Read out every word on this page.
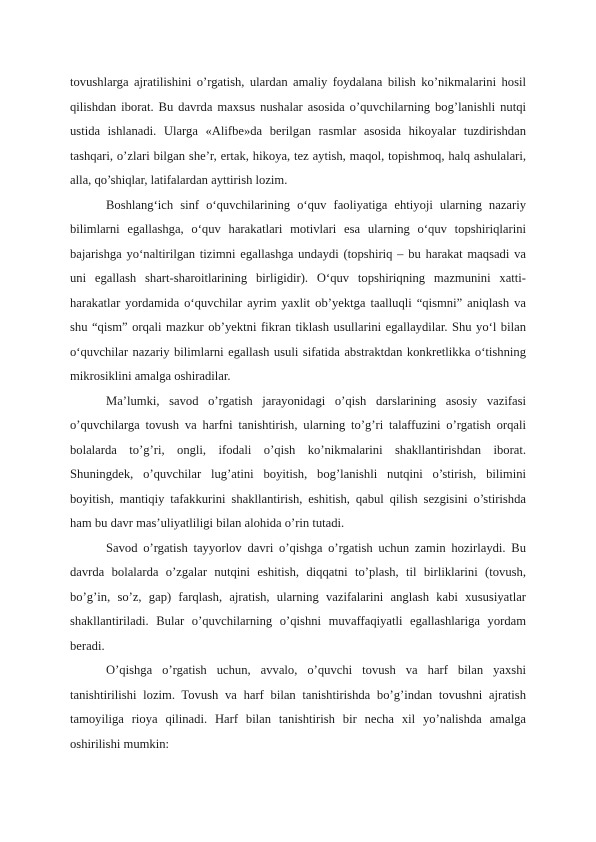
tovushlarga ajratilishini o’rgatish, ulardan amaliy foydalana bilish ko’nikmalarini hosil qilishdan iborat. Bu davrda maxsus nushalar asosida o’quvchilarning bog’lanishli nutqi ustida ishlanadi. Ularga «Alifbe»da berilgan rasmlar asosida hikoyalar tuzdirishdan tashqari, o’zlari bilgan she’r, ertak, hikoya, tez aytish, maqol, topishmoq, halq ashulalari, alla, qo’shiqlar, latifalardan ayttirish lozim.

Boshlang‘ich sinf o‘quvchilarining o‘quv faoliyatiga ehtiyoji ularning nazariy bilimlarni egallashga, o‘quv harakatlari motivlari esa ularning o‘quv topshiriqlarini bajarishga yo‘naltirilgan tizimni egallashga undaydi (topshiriq – bu harakat maqsadi va uni egallash shart-sharoitlarining birligidir). O‘quv topshiriqning mazmunini xatti- harakatlar yordamida o‘quvchilar ayrim yaxlit ob’yektga taalluqli “qismni” aniqlash va shu “qism” orqali mazkur ob’yektni fikran tiklash usullarini egallaydilar. Shu yo‘l bilan o‘quvchilar nazariy bilimlarni egallash usuli sifatida abstraktdan konkretlikka o‘tishning mikrosiklini amalga oshiradilar.

Ma’lumki, savod o’rgatish jarayonidagi o’qish darslarining asosiy vazifasi o’quvchilarga tovush va harfni tanishtirish, ularning to’g’ri talaffuzini o’rgatish orqali bolalarda to’g’ri, ongli, ifodali o’qish ko’nikmalarini shakllantirishdan iborat. Shuningdek, o’quvchilar lug’atini boyitish, bog’lanishli nutqini o’stirish, bilimini boyitish, mantiqiy tafakkurini shakllantirish, eshitish, qabul qilish sezgisini o’stirishda ham bu davr mas’uliyatliligi bilan alohida o’rin tutadi.

Savod o’rgatish tayyorlov davri o’qishga o’rgatish uchun zamin hozirlaydi. Bu davrda bolalarda o’zgalar nutqini eshitish, diqqatni to’plash, til birliklarini (tovush, bo’g’in, so’z, gap) farqlash, ajratish, ularning vazifalarini anglash kabi xususiyatlar shakllantiriladi. Bular o’quvchilarning o’qishni muvaffaqiyatli egallashlariga yordam beradi.

O’qishga o’rgatish uchun, avvalo, o’quvchi tovush va harf bilan yaxshi tanishtirilishi lozim. Tovush va harf bilan tanishtirishda bo’g’indan tovushni ajratish tamoyiliga rioya qilinadi. Harf bilan tanishtirish bir necha xil yo’nalishda amalga oshirilishi mumkin:
